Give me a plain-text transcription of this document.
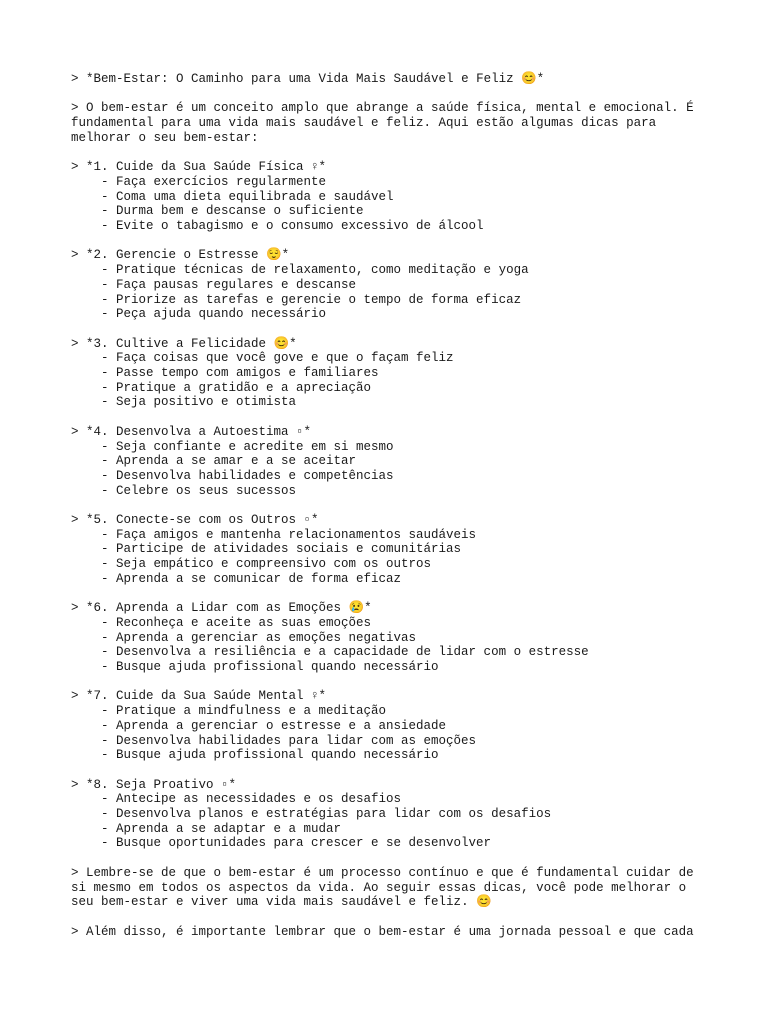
> *Bem-Estar: O Caminho para uma Vida Mais Saudável e Feliz 😊*

> O bem-estar é um conceito amplo que abrange a saúde física, mental e emocional. É fundamental para uma vida mais saudável e feliz. Aqui estão algumas dicas para melhorar o seu bem-estar:

> *1. Cuide da Sua Saúde Física ♀*
- Faça exercícios regularmente
- Coma uma dieta equilibrada e saudável
- Durma bem e descanse o suficiente
- Evite o tabagismo e o consumo excessivo de álcool
> *2. Gerencie o Estresse 😌*
- Pratique técnicas de relaxamento, como meditação e yoga
- Faça pausas regulares e descanse
- Priorize as tarefas e gerencie o tempo de forma eficaz
- Peça ajuda quando necessário
> *3. Cultive a Felicidade 😊*
- Faça coisas que você gove e que o façam feliz
- Passe tempo com amigos e familiares
- Pratique a gratidão e a apreciação
- Seja positivo e otimista
> *4. Desenvolva a Autoestima ▫*
- Seja confiante e acredite em si mesmo
- Aprenda a se amar e a se aceitar
- Desenvolva habilidades e competências
- Celebre os seus sucessos
> *5. Conecte-se com os Outros ▫*
- Faça amigos e mantenha relacionamentos saudáveis
- Participe de atividades sociais e comunitárias
- Seja empático e compreensivo com os outros
- Aprenda a se comunicar de forma eficaz
> *6. Aprenda a Lidar com as Emoções 😢*
- Reconheça e aceite as suas emoções
- Aprenda a gerenciar as emoções negativas
- Desenvolva a resiliência e a capacidade de lidar com o estresse
- Busque ajuda profissional quando necessário
> *7. Cuide da Sua Saúde Mental ♀*
- Pratique a mindfulness e a meditação
- Aprenda a gerenciar o estresse e a ansiedade
- Desenvolva habilidades para lidar com as emoções
- Busque ajuda profissional quando necessário
> *8. Seja Proativo ▫*
- Antecipe as necessidades e os desafios
- Desenvolva planos e estratégias para lidar com os desafios
- Aprenda a se adaptar e a mudar
- Busque oportunidades para crescer e se desenvolver

> Lembre-se de que o bem-estar é um processo contínuo e que é fundamental cuidar de si mesmo em todos os aspectos da vida. Ao seguir essas dicas, você pode melhorar o seu bem-estar e viver uma vida mais saudável e feliz. 😊

> Além disso, é importante lembrar que o bem-estar é uma jornada pessoal e que cada
